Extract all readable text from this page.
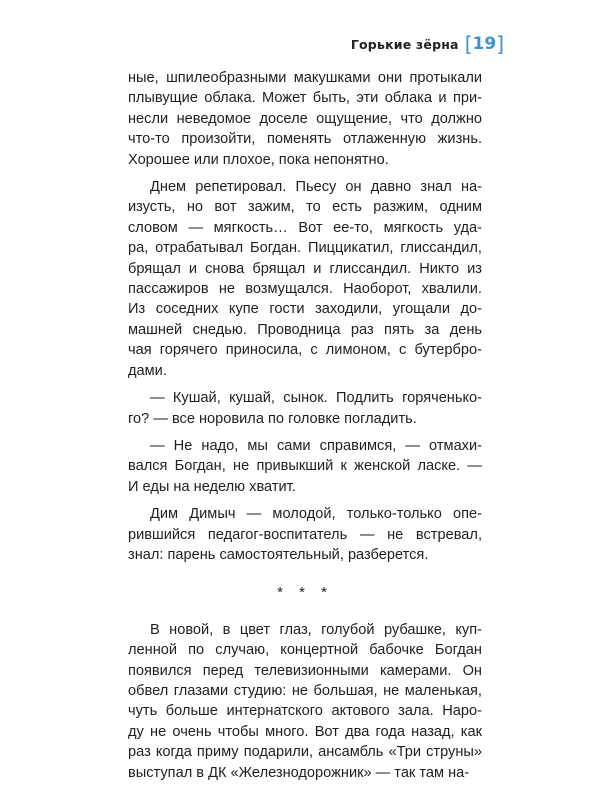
Горькие зёрна [ 19 ]

ные, шпилеобразными макушками они протыкали
плывущие облака. Может быть, эти облака и при-
несли неведомое доселе ощущение, что должно
что-то произойти, поменять отлаженную жизнь.
Хорошее или плохое, пока непонятно.

Днем репетировал. Пьесу он давно знал на-
изусть, но вот зажим, то есть разжим, одним
словом — мягкость… Вот ее-то, мягкость уда-
ра, отрабатывал Богдан. Пиццикатил, глиссандил,
брящал и снова брящал и глиссандил. Никто из
пассажиров не возмущался. Наоборот, хвалили.
Из соседних купе гости заходили, угощали до-
машней снедью. Проводница раз пять за день
чая горячего приносила, с лимоном, с бутербро-
дами.

— Кушай, кушай, сынок. Подлить горяченько-
го? — все норовила по головке погладить.

— Не надо, мы сами справимся, — отмахи-
вался Богдан, не привыкший к женской ласке. —
И еды на неделю хватит.

Дим Димыч — молодой, только-только опе-
рившийся педагог-воспитатель — не встревал,
знал: парень самостоятельный, разберется.

* * *

В новой, в цвет глаз, голубой рубашке, куп-
ленной по случаю, концертной бабочке Богдан
появился перед телевизионными камерами. Он
обвел глазами студию: не большая, не маленькая,
чуть больше интернатского актового зала. Наро-
ду не очень чтобы много. Вот два года назад, как
раз когда приму подарили, ансамбль «Три струны»
выступал в ДК «Железнодорожник» — так там на-
